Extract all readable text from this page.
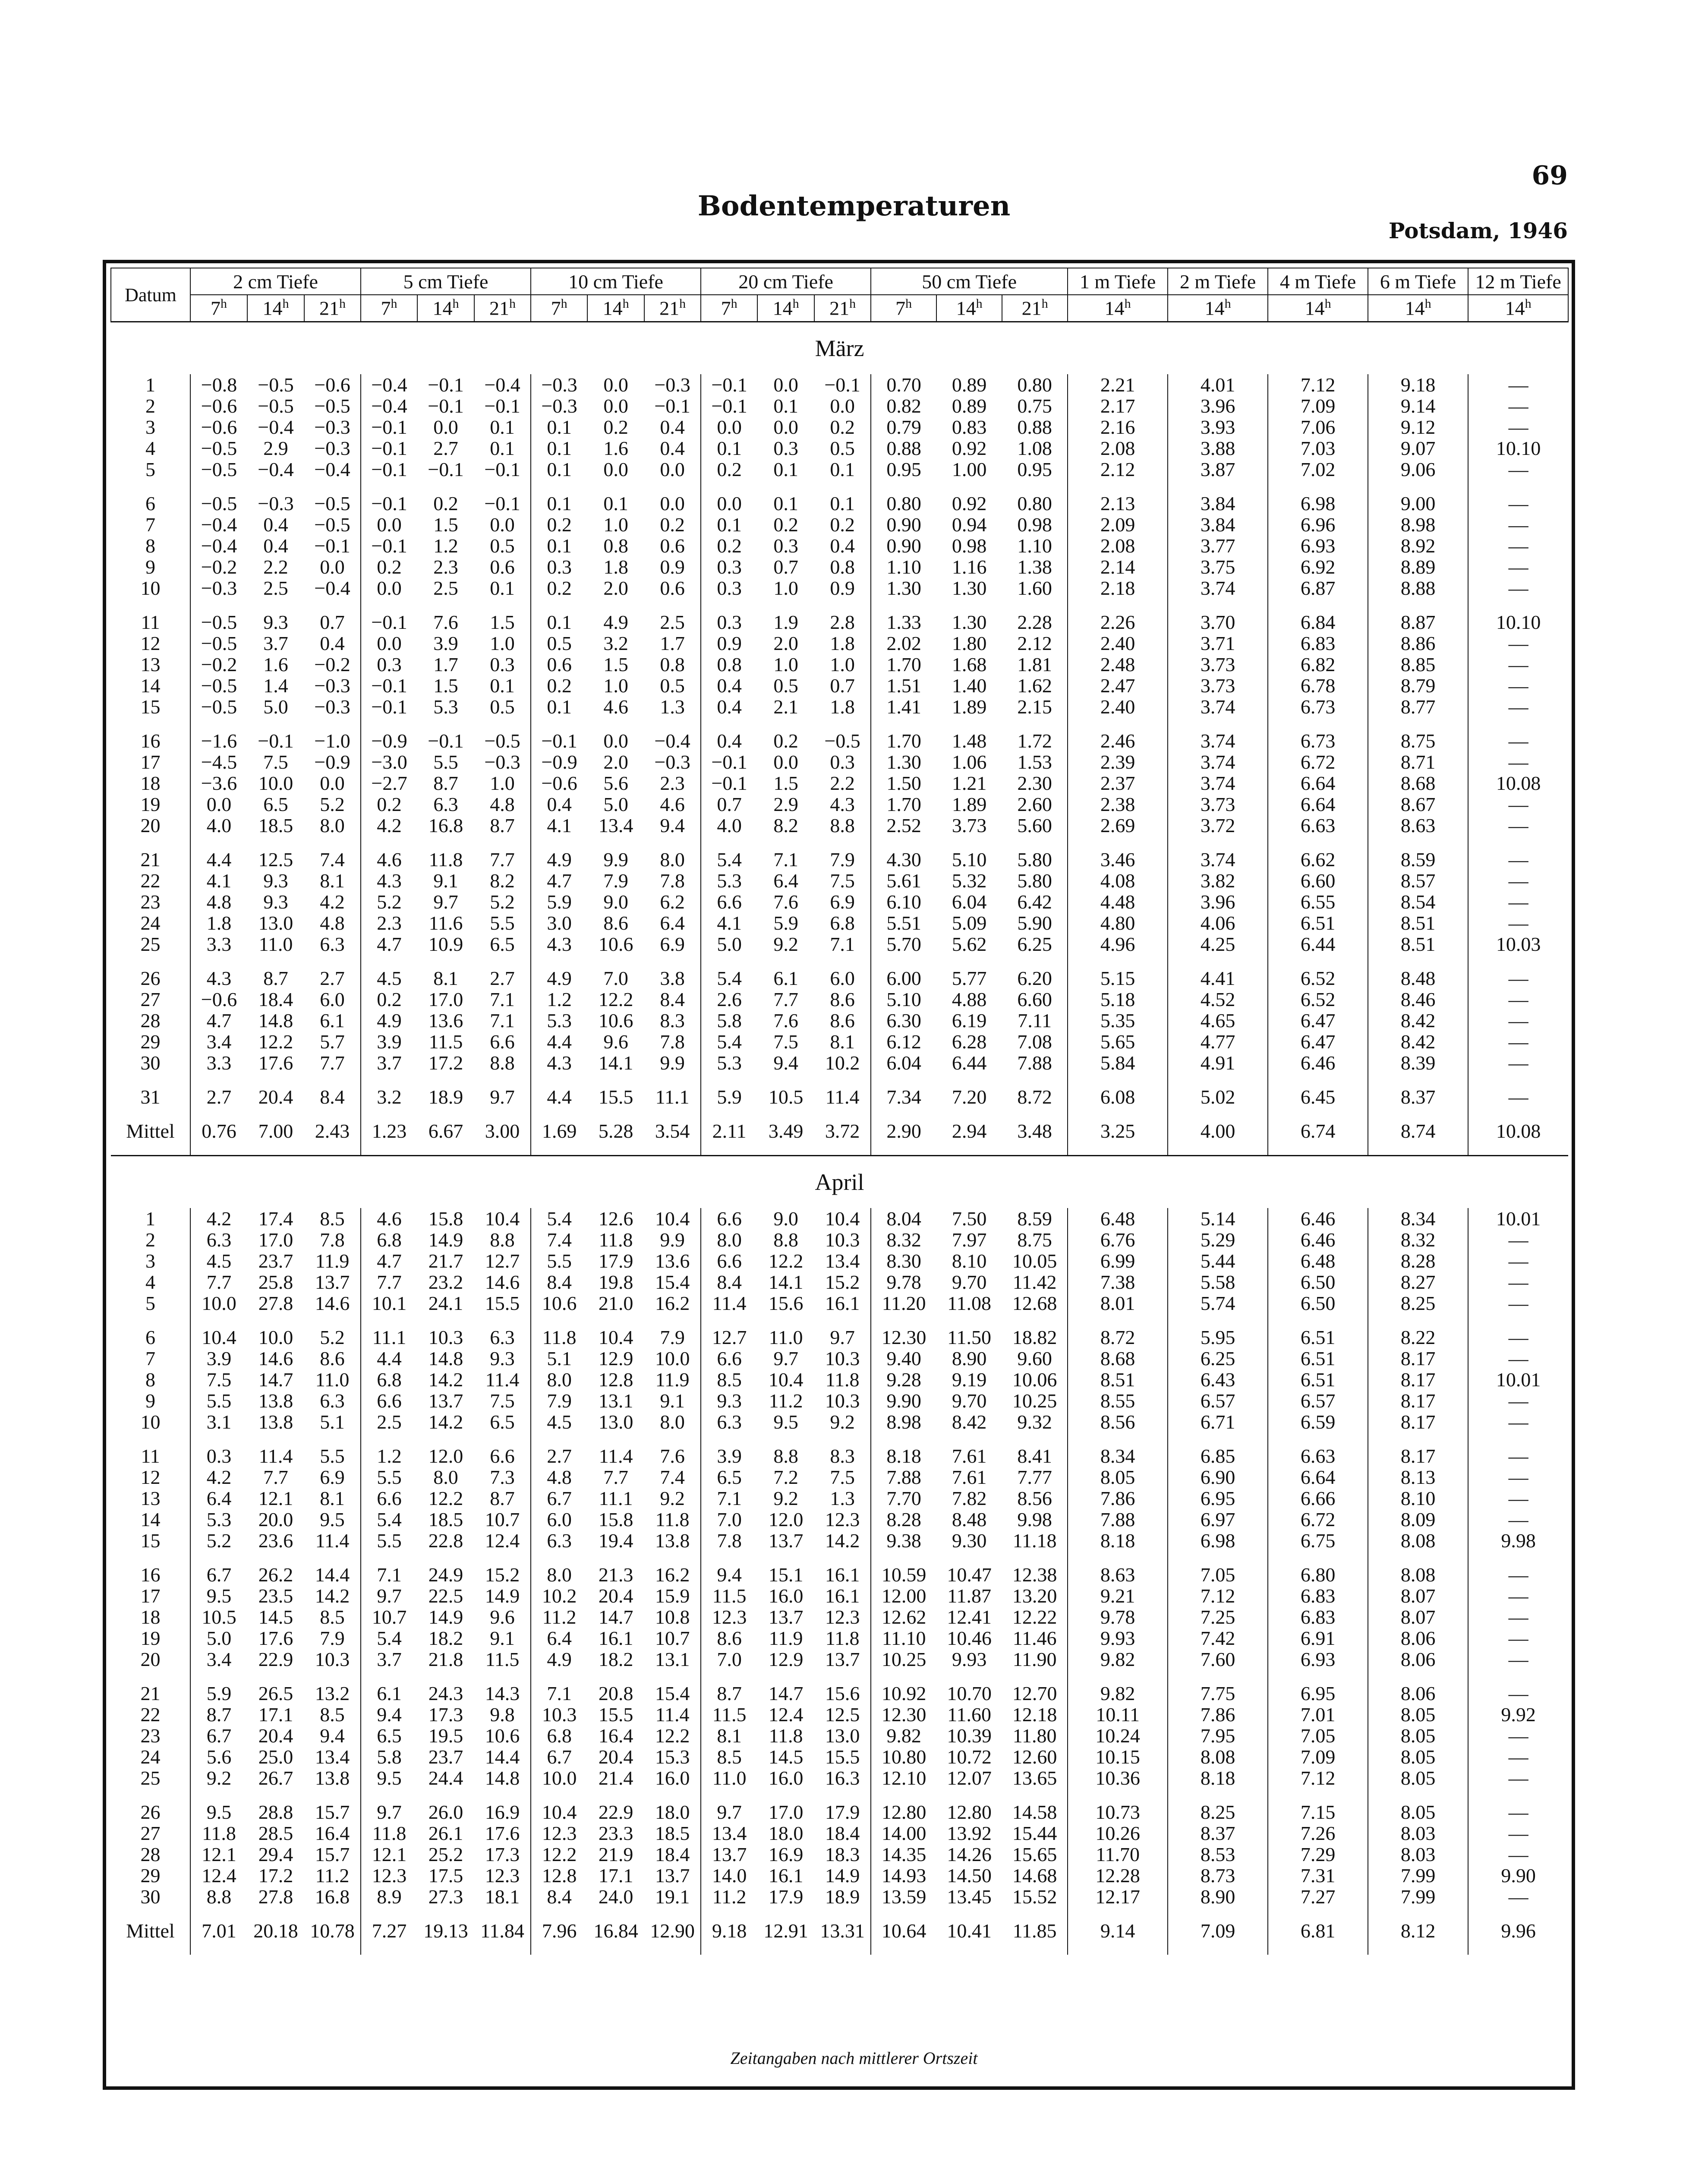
Bodentemperaturen
69
Potsdam, 1946
Datum	2 cm Tiefe			5 cm Tiefe			10 cm Tiefe			20 cm Tiefe			50 cm Tiefe			1 m Tiefe	2 m Tiefe	4 m Tiefe	6 m Tiefe	12 m Tiefe
	7$^h$	14$^h$	21$^h$	7$^h$	14$^h$	21$^h$	7$^h$	14$^h$	21$^h$	7$^h$	14$^h$	21$^h$	7$^h$	14$^h$	21$^h$	14$^h$	14$^h$	14$^h$	14$^h$	14$^h$
März																				
1	−0.8	−0.5	−0.6	−0.4	−0.1	−0.4	−0.3	0.0	−0.3	−0.1	0.0	−0.1	0.70	0.89	0.80	2.21	4.01	7.12	9.18	—
2	−0.6	−0.5	−0.5	−0.4	−0.1	−0.1	−0.3	0.0	−0.1	−0.1	0.1	0.0	0.82	0.89	0.75	2.17	3.96	7.09	9.14	—
3	−0.6	−0.4	−0.3	−0.1	0.0	0.1	0.1	0.2	0.4	0.0	0.0	0.2	0.79	0.83	0.88	2.16	3.93	7.06	9.12	—
4	−0.5	2.9	−0.3	−0.1	2.7	0.1	0.1	1.6	0.4	0.1	0.3	0.5	0.88	0.92	1.08	2.08	3.88	7.03	9.07	10.10
5	−0.5	−0.4	−0.4	−0.1	−0.1	−0.1	0.1	0.0	0.0	0.2	0.1	0.1	0.95	1.00	0.95	2.12	3.87	7.02	9.06	—

6	−0.5	−0.3	−0.5	−0.1	0.2	−0.1	0.1	0.1	0.0	0.0	0.1	0.1	0.80	0.92	0.80	2.13	3.84	6.98	9.00	—
7	−0.4	0.4	−0.5	0.0	1.5	0.0	0.2	1.0	0.2	0.1	0.2	0.2	0.90	0.94	0.98	2.09	3.84	6.96	8.98	—
8	−0.4	0.4	−0.1	−0.1	1.2	0.5	0.1	0.8	0.6	0.2	0.3	0.4	0.90	0.98	1.10	2.08	3.77	6.93	8.92	—
9	−0.2	2.2	0.0	0.2	2.3	0.6	0.3	1.8	0.9	0.3	0.7	0.8	1.10	1.16	1.38	2.14	3.75	6.92	8.89	—
10	−0.3	2.5	−0.4	0.0	2.5	0.1	0.2	2.0	0.6	0.3	1.0	0.9	1.30	1.30	1.60	2.18	3.74	6.87	8.88	—

11	−0.5	9.3	0.7	−0.1	7.6	1.5	0.1	4.9	2.5	0.3	1.9	2.8	1.33	1.30	2.28	2.26	3.70	6.84	8.87	10.10
12	−0.5	3.7	0.4	0.0	3.9	1.0	0.5	3.2	1.7	0.9	2.0	1.8	2.02	1.80	2.12	2.40	3.71	6.83	8.86	—
13	−0.2	1.6	−0.2	0.3	1.7	0.3	0.6	1.5	0.8	0.8	1.0	1.0	1.70	1.68	1.81	2.48	3.73	6.82	8.85	—
14	−0.5	1.4	−0.3	−0.1	1.5	0.1	0.2	1.0	0.5	0.4	0.5	0.7	1.51	1.40	1.62	2.47	3.73	6.78	8.79	—
15	−0.5	5.0	−0.3	−0.1	5.3	0.5	0.1	4.6	1.3	0.4	2.1	1.8	1.41	1.89	2.15	2.40	3.74	6.73	8.77	—

16	−1.6	−0.1	−1.0	−0.9	−0.1	−0.5	−0.1	0.0	−0.4	0.4	0.2	−0.5	1.70	1.48	1.72	2.46	3.74	6.73	8.75	—
17	−4.5	7.5	−0.9	−3.0	5.5	−0.3	−0.9	2.0	−0.3	−0.1	0.0	0.3	1.30	1.06	1.53	2.39	3.74	6.72	8.71	—
18	−3.6	10.0	0.0	−2.7	8.7	1.0	−0.6	5.6	2.3	−0.1	1.5	2.2	1.50	1.21	2.30	2.37	3.74	6.64	8.68	10.08
19	0.0	6.5	5.2	0.2	6.3	4.8	0.4	5.0	4.6	0.7	2.9	4.3	1.70	1.89	2.60	2.38	3.73	6.64	8.67	—
20	4.0	18.5	8.0	4.2	16.8	8.7	4.1	13.4	9.4	4.0	8.2	8.8	2.52	3.73	5.60	2.69	3.72	6.63	8.63	—

21	4.4	12.5	7.4	4.6	11.8	7.7	4.9	9.9	8.0	5.4	7.1	7.9	4.30	5.10	5.80	3.46	3.74	6.62	8.59	—
22	4.1	9.3	8.1	4.3	9.1	8.2	4.7	7.9	7.8	5.3	6.4	7.5	5.61	5.32	5.80	4.08	3.82	6.60	8.57	—
23	4.8	9.3	4.2	5.2	9.7	5.2	5.9	9.0	6.2	6.6	7.6	6.9	6.10	6.04	6.42	4.48	3.96	6.55	8.54	—
24	1.8	13.0	4.8	2.3	11.6	5.5	3.0	8.6	6.4	4.1	5.9	6.8	5.51	5.09	5.90	4.80	4.06	6.51	8.51	—
25	3.3	11.0	6.3	4.7	10.9	6.5	4.3	10.6	6.9	5.0	9.2	7.1	5.70	5.62	6.25	4.96	4.25	6.44	8.51	10.03

26	4.3	8.7	2.7	4.5	8.1	2.7	4.9	7.0	3.8	5.4	6.1	6.0	6.00	5.77	6.20	5.15	4.41	6.52	8.48	—
27	−0.6	18.4	6.0	0.2	17.0	7.1	1.2	12.2	8.4	2.6	7.7	8.6	5.10	4.88	6.60	5.18	4.52	6.52	8.46	—
28	4.7	14.8	6.1	4.9	13.6	7.1	5.3	10.6	8.3	5.8	7.6	8.6	6.30	6.19	7.11	5.35	4.65	6.47	8.42	—
29	3.4	12.2	5.7	3.9	11.5	6.6	4.4	9.6	7.8	5.4	7.5	8.1	6.12	6.28	7.08	5.65	4.77	6.47	8.42	—
30	3.3	17.6	7.7	3.7	17.2	8.8	4.3	14.1	9.9	5.3	9.4	10.2	6.04	6.44	7.88	5.84	4.91	6.46	8.39	—

31	2.7	20.4	8.4	3.2	18.9	9.7	4.4	15.5	11.1	5.9	10.5	11.4	7.34	7.20	8.72	6.08	5.02	6.45	8.37	—
Mittel	0.76	7.00	2.43	1.23	6.67	3.00	1.69	5.28	3.54	2.11	3.49	3.72	2.90	2.94	3.48	3.25	4.00	6.74	8.74	10.08
April																				
1	4.2	17.4	8.5	4.6	15.8	10.4	5.4	12.6	10.4	6.6	9.0	10.4	8.04	7.50	8.59	6.48	5.14	6.46	8.34	10.01
2	6.3	17.0	7.8	6.8	14.9	8.8	7.4	11.8	9.9	8.0	8.8	10.3	8.32	7.97	8.75	6.76	5.29	6.46	8.32	—
3	4.5	23.7	11.9	4.7	21.7	12.7	5.5	17.9	13.6	6.6	12.2	13.4	8.30	8.10	10.05	6.99	5.44	6.48	8.28	—
4	7.7	25.8	13.7	7.7	23.2	14.6	8.4	19.8	15.4	8.4	14.1	15.2	9.78	9.70	11.42	7.38	5.58	6.50	8.27	—
5	10.0	27.8	14.6	10.1	24.1	15.5	10.6	21.0	16.2	11.4	15.6	16.1	11.20	11.08	12.68	8.01	5.74	6.50	8.25	—

6	10.4	10.0	5.2	11.1	10.3	6.3	11.8	10.4	7.9	12.7	11.0	9.7	12.30	11.50	18.82	8.72	5.95	6.51	8.22	—
7	3.9	14.6	8.6	4.4	14.8	9.3	5.1	12.9	10.0	6.6	9.7	10.3	9.40	8.90	9.60	8.68	6.25	6.51	8.17	—
8	7.5	14.7	11.0	6.8	14.2	11.4	8.0	12.8	11.9	8.5	10.4	11.8	9.28	9.19	10.06	8.51	6.43	6.51	8.17	10.01
9	5.5	13.8	6.3	6.6	13.7	7.5	7.9	13.1	9.1	9.3	11.2	10.3	9.90	9.70	10.25	8.55	6.57	6.57	8.17	—
10	3.1	13.8	5.1	2.5	14.2	6.5	4.5	13.0	8.0	6.3	9.5	9.2	8.98	8.42	9.32	8.56	6.71	6.59	8.17	—

11	0.3	11.4	5.5	1.2	12.0	6.6	2.7	11.4	7.6	3.9	8.8	8.3	8.18	7.61	8.41	8.34	6.85	6.63	8.17	—
12	4.2	7.7	6.9	5.5	8.0	7.3	4.8	7.7	7.4	6.5	7.2	7.5	7.88	7.61	7.77	8.05	6.90	6.64	8.13	—
13	6.4	12.1	8.1	6.6	12.2	8.7	6.7	11.1	9.2	7.1	9.2	1.3	7.70	7.82	8.56	7.86	6.95	6.66	8.10	—
14	5.3	20.0	9.5	5.4	18.5	10.7	6.0	15.8	11.8	7.0	12.0	12.3	8.28	8.48	9.98	7.88	6.97	6.72	8.09	—
15	5.2	23.6	11.4	5.5	22.8	12.4	6.3	19.4	13.8	7.8	13.7	14.2	9.38	9.30	11.18	8.18	6.98	6.75	8.08	9.98

16	6.7	26.2	14.4	7.1	24.9	15.2	8.0	21.3	16.2	9.4	15.1	16.1	10.59	10.47	12.38	8.63	7.05	6.80	8.08	—
17	9.5	23.5	14.2	9.7	22.5	14.9	10.2	20.4	15.9	11.5	16.0	16.1	12.00	11.87	13.20	9.21	7.12	6.83	8.07	—
18	10.5	14.5	8.5	10.7	14.9	9.6	11.2	14.7	10.8	12.3	13.7	12.3	12.62	12.41	12.22	9.78	7.25	6.83	8.07	—
19	5.0	17.6	7.9	5.4	18.2	9.1	6.4	16.1	10.7	8.6	11.9	11.8	11.10	10.46	11.46	9.93	7.42	6.91	8.06	—
20	3.4	22.9	10.3	3.7	21.8	11.5	4.9	18.2	13.1	7.0	12.9	13.7	10.25	9.93	11.90	9.82	7.60	6.93	8.06	—

21	5.9	26.5	13.2	6.1	24.3	14.3	7.1	20.8	15.4	8.7	14.7	15.6	10.92	10.70	12.70	9.82	7.75	6.95	8.06	—
22	8.7	17.1	8.5	9.4	17.3	9.8	10.3	15.5	11.4	11.5	12.4	12.5	12.30	11.60	12.18	10.11	7.86	7.01	8.05	9.92
23	6.7	20.4	9.4	6.5	19.5	10.6	6.8	16.4	12.2	8.1	11.8	13.0	9.82	10.39	11.80	10.24	7.95	7.05	8.05	—
24	5.6	25.0	13.4	5.8	23.7	14.4	6.7	20.4	15.3	8.5	14.5	15.5	10.80	10.72	12.60	10.15	8.08	7.09	8.05	—
25	9.2	26.7	13.8	9.5	24.4	14.8	10.0	21.4	16.0	11.0	16.0	16.3	12.10	12.07	13.65	10.36	8.18	7.12	8.05	—

26	9.5	28.8	15.7	9.7	26.0	16.9	10.4	22.9	18.0	9.7	17.0	17.9	12.80	12.80	14.58	10.73	8.25	7.15	8.05	—
27	11.8	28.5	16.4	11.8	26.1	17.6	12.3	23.3	18.5	13.4	18.0	18.4	14.00	13.92	15.44	10.26	8.37	7.26	8.03	—
28	12.1	29.4	15.7	12.1	25.2	17.3	12.2	21.9	18.4	13.7	16.9	18.3	14.35	14.26	15.65	11.70	8.53	7.29	8.03	—
29	12.4	17.2	11.2	12.3	17.5	12.3	12.8	17.1	13.7	14.0	16.1	14.9	14.93	14.50	14.68	12.28	8.73	7.31	7.99	9.90
30	8.8	27.8	16.8	8.9	27.3	18.1	8.4	24.0	19.1	11.2	17.9	18.9	13.59	13.45	15.52	12.17	8.90	7.27	7.99	—
Mittel	7.01	20.18	10.78	7.27	19.13	11.84	7.96	16.84	12.90	9.18	12.91	13.31	10.64	10.41	11.85	9.14	7.09	6.81	8.12	9.96
Zeitangaben nach mittlerer Ortszeit
